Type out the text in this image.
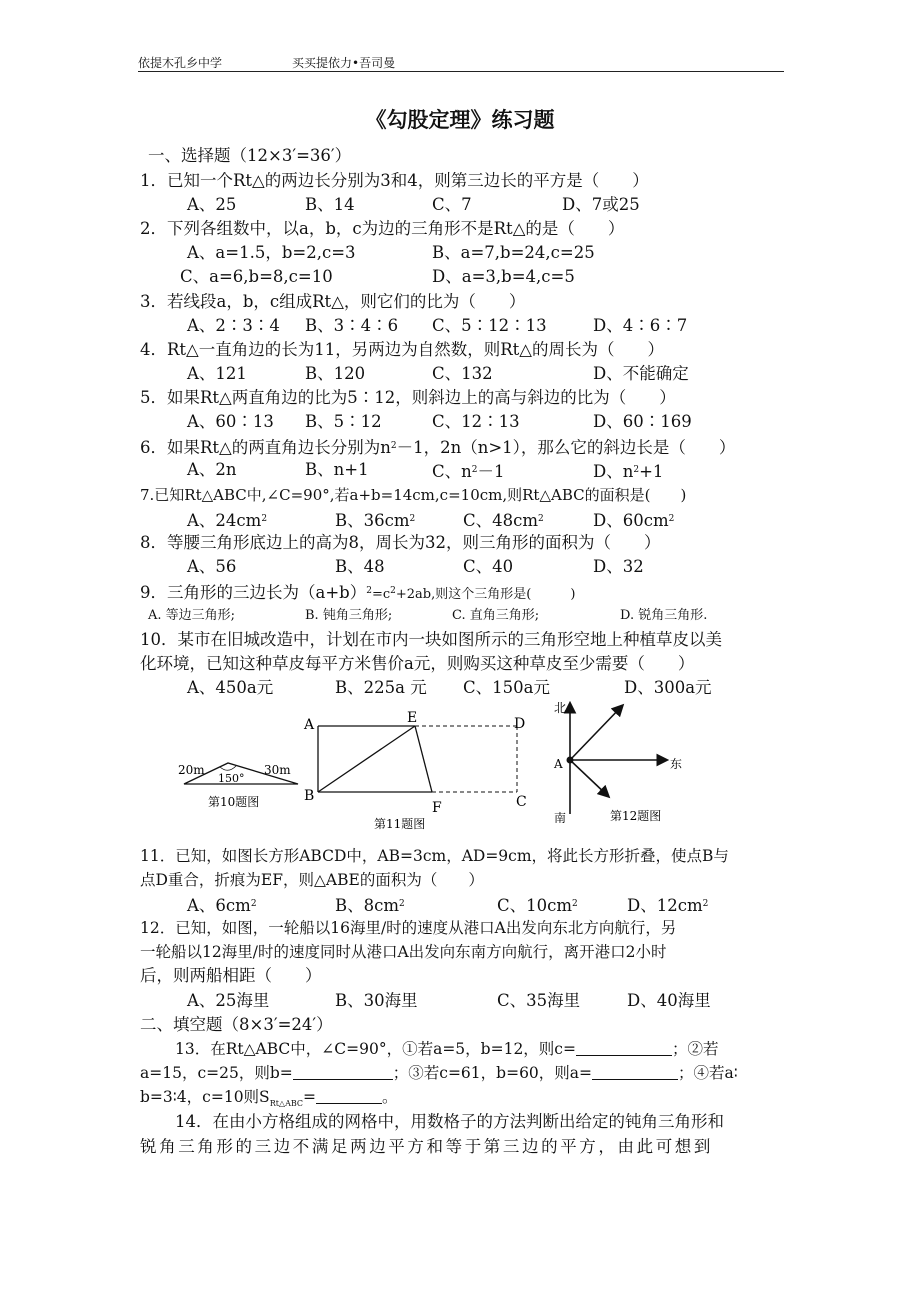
依提木孔乡中学	买买提依力•吾司曼
《勾股定理》练习题
一、选择题（12×3′=36′）
1．已知一个Rt△的两边长分别为3和4，则第三边长的平方是（　　）
A、25	B、14	C、7	D、7或25
2．下列各组数中，以a，b，c为边的三角形不是Rt△的是（　　）
A、a=1.5，b=2,c=3	B、a=7,b=24,c=25
C、a=6,b=8,c=10	D、a=3,b=4,c=5
3．若线段a，b，c组成Rt△，则它们的比为（　　）
A、2∶3∶4 B、3∶4∶6 C、5∶12∶13	D、4∶6∶7
4．Rt△一直角边的长为11，另两边为自然数，则Rt△的周长为（　　）
A、121	B、120	C、132	D、不能确定
5．如果Rt△两直角边的比为5∶12，则斜边上的高与斜边的比为（　　）
A、60∶13 B、5∶12	C、12∶13	D、60∶169
6．如果Rt△的两直角边长分别为$n^2-1$，2n（n>1），那么它的斜边长是（　　）
A、2n	B、n+1	C、$n^2-1$	D、$n^2+1$
7.已知Rt△ABC中,∠C=90°,若a+b=14cm,c=10cm,则Rt△ABC的面积是(　　)
A、$24cm^2$	B、$36cm^2$	C、$48cm^2$	D、$60cm^2$
8．等腰三角形底边上的高为8，周长为32，则三角形的面积为（　　）
A、56	B、48	C、40	D、32
9．三角形的三边长为$(a+b)^2=c^2+2ab$,则这个三角形是(　　　)
A. 等边三角形;	B. 钝角三角形;	C. 直角三角形;	D. 锐角三角形.
10．某市在旧城改造中，计划在市内一块如图所示的三角形空地上种植草皮以美
化环境，已知这种草皮每平方米售价a元，则购买这种草皮至少需要（　　）
A、450a元	B、225a 元 C、150a元	D、300a元
20m	30m
150°
第10题图
A	E	D
B
F	C
第11题图
北
东
南
A
第12题图
11．已知，如图长方形ABCD中，AB=3cm，AD=9cm，将此长方形折叠，使点B与
点D重合，折痕为EF，则△ABE的面积为（　　）
A、$6cm^2$	B、$8cm^2$	C、$10cm^2$	D、$12cm^2$
12．已知，如图，一轮船以16海里/时的速度从港口A出发向东北方向航行，另
一轮船以12海里/时的速度同时从港口A出发向东南方向航行，离开港口2小时
后，则两船相距（　　）
A、25海里	B、30海里	C、35海里	D、40海里
二、填空题（8×3′=24′）
13．在Rt△ABC中，∠C=90°，①若a=5，b=12，则c=	；②若
a=15，c=25，则b=	；③若c=61，b=60，则a=	；④若a∶
b=3∶4，c=10则$S_{Rt\triangle ABC}=$	。
14．在由小方格组成的网格中，用数格子的方法判断出给定的钝角三角形和
锐角三角形的三边不满足两边平方和等于第三边的平方，由此可想到
